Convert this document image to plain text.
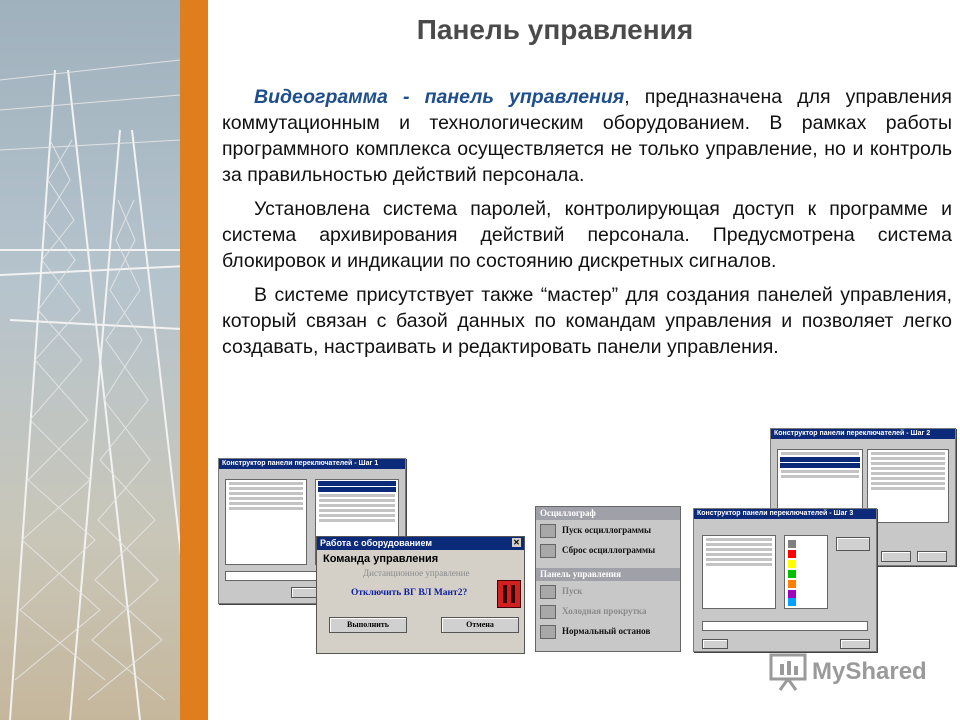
Панель управления

Видеограмма - панель управления, предназначена для управления коммутационным и технологическим оборудованием. В рамках работы программного комплекса осуществляется не только управление, но и контроль за правильностью действий персонала.

Установлена система паролей, контролирующая доступ к программе и система архивирования действий персонала. Предусмотрена система блокировок и индикации по состоянию дискретных сигналов.

В системе присутствует также “мастер” для создания панелей управления, который связан с базой данных по командам управления и позволяет легко создавать, настраивать и редактировать панели управления.

Конструктор панели переключателей - Шаг 1
Конструктор панели переключателей - Шаг 2
Конструктор панели переключателей - Шаг 3
Работа с оборудованием	✕
Команда управления
Дистанционное управление
Отключить ВГ ВЛ Мант2?
Выполнить	Отмена
Осциллограф
Пуск осциллограммы
Сброс осциллограммы
Панель управления
Пуск
Холодная прокрутка
Нормальный останов
MyShared
